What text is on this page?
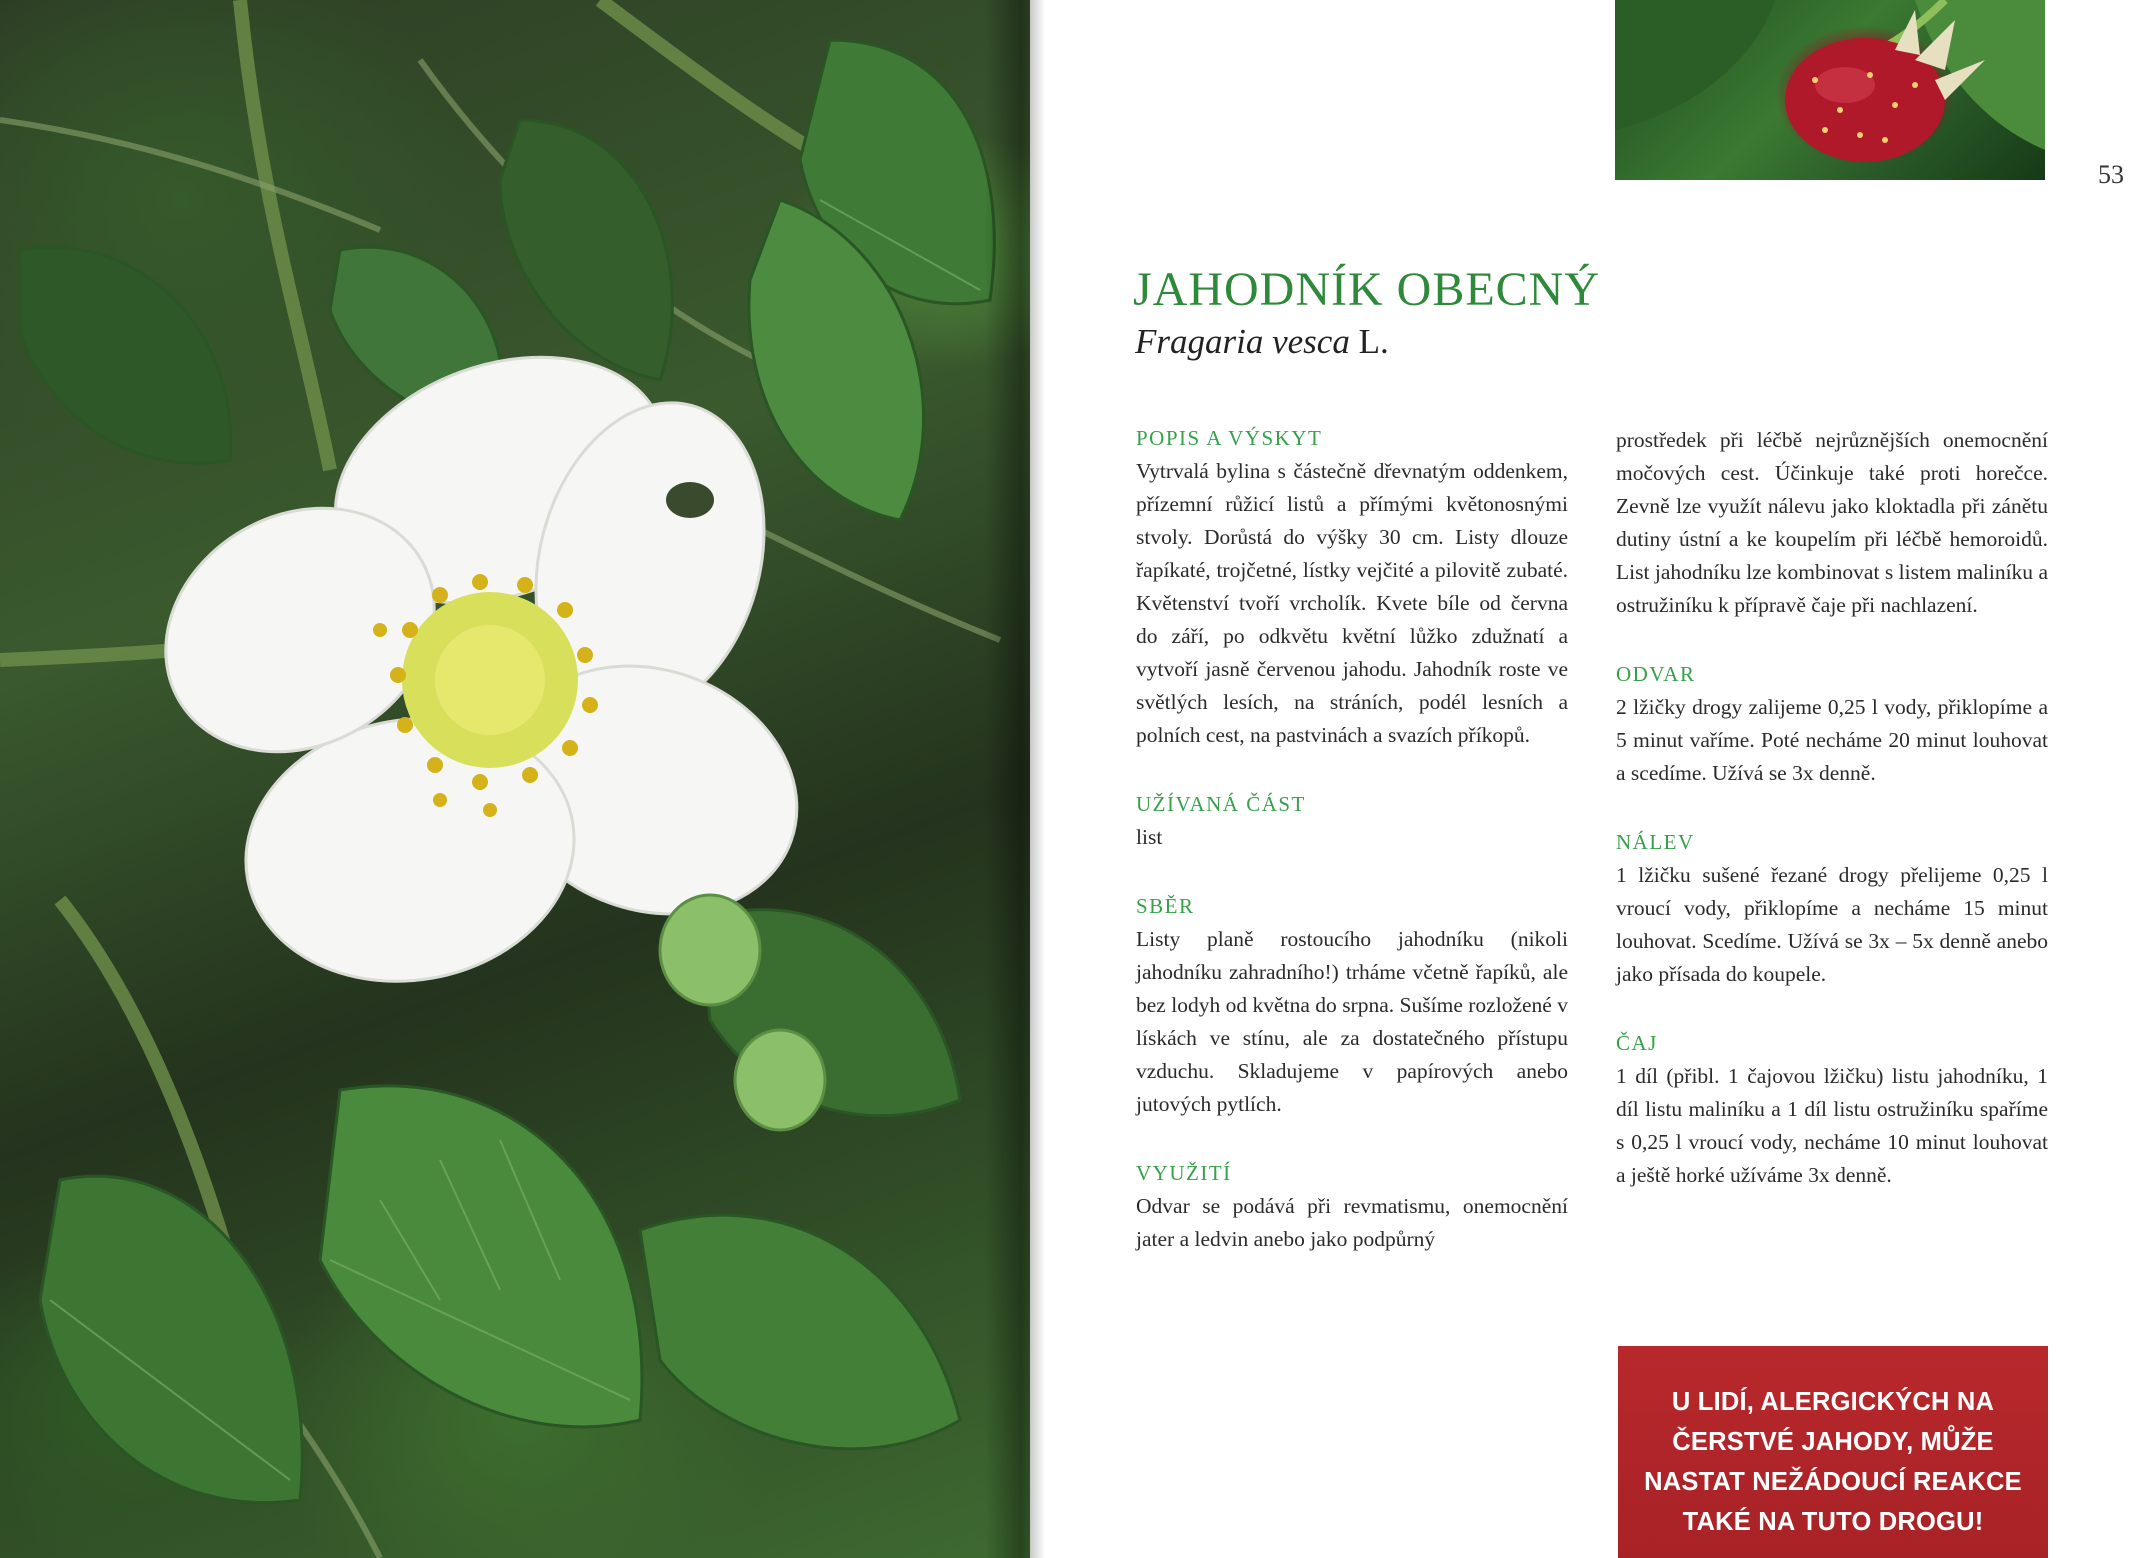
53
JAHODNÍK OBECNÝ

Fragaria vesca L.

POPIS A VÝSKYT

Vytrvalá bylina s částečně dřevnatým oddenkem, přízemní růžicí listů a přímými květonosnými stvoly. Dorůstá do výšky 30 cm. Listy dlouze řapíkaté, trojčetné, lístky vejčité a pilovitě zubaté. Květenství tvoří vrcholík. Kvete bíle od června do září, po odkvětu květní lůžko zdužnatí a vytvoří jasně červenou jahodu. Jahodník roste ve světlých lesích, na stráních, podél lesních a polních cest, na pastvinách a svazích příkopů.

UŽÍVANÁ ČÁST

list

SBĚR

Listy planě rostoucího jahodníku (nikoli jahodníku zahradního!) trháme včetně řapíků, ale bez lodyh od května do srpna. Sušíme rozložené v lískách ve stínu, ale za dostatečného přístupu vzduchu. Skladujeme v papírových anebo jutových pytlích.

VYUŽITÍ

Odvar se podává při revmatismu, onemocnění jater a ledvin anebo jako podpůrný

prostředek při léčbě nejrůznějších onemocnění močových cest. Účinkuje také proti horečce. Zevně lze využít nálevu jako kloktadla při zánětu dutiny ústní a ke koupelím při léčbě hemoroidů. List jahodníku lze kombinovat s listem maliníku a ostružiníku k přípravě čaje při nachlazení.

ODVAR

2 lžičky drogy zalijeme 0,25 l vody, přiklopíme a 5 minut vaříme. Poté necháme 20 minut louhovat a scedíme. Užívá se 3x denně.

NÁLEV

1 lžičku sušené řezané drogy přelijeme 0,25 l vroucí vody, přiklopíme a necháme 15 minut louhovat. Scedíme. Užívá se 3x – 5x denně anebo jako přísada do koupele.

ČAJ

1 díl (přibl. 1 čajovou lžičku) listu jahodníku, 1 díl listu maliníku a 1 díl listu ostružiníku spaříme s 0,25 l vroucí vody, necháme 10 minut louhovat a ještě horké užíváme 3x denně.

U LIDÍ, ALERGICKÝCH NA ČERSTVÉ JAHODY, MŮŽE NASTAT NEŽÁDOUCÍ REAKCE TAKÉ NA TUTO DROGU!
